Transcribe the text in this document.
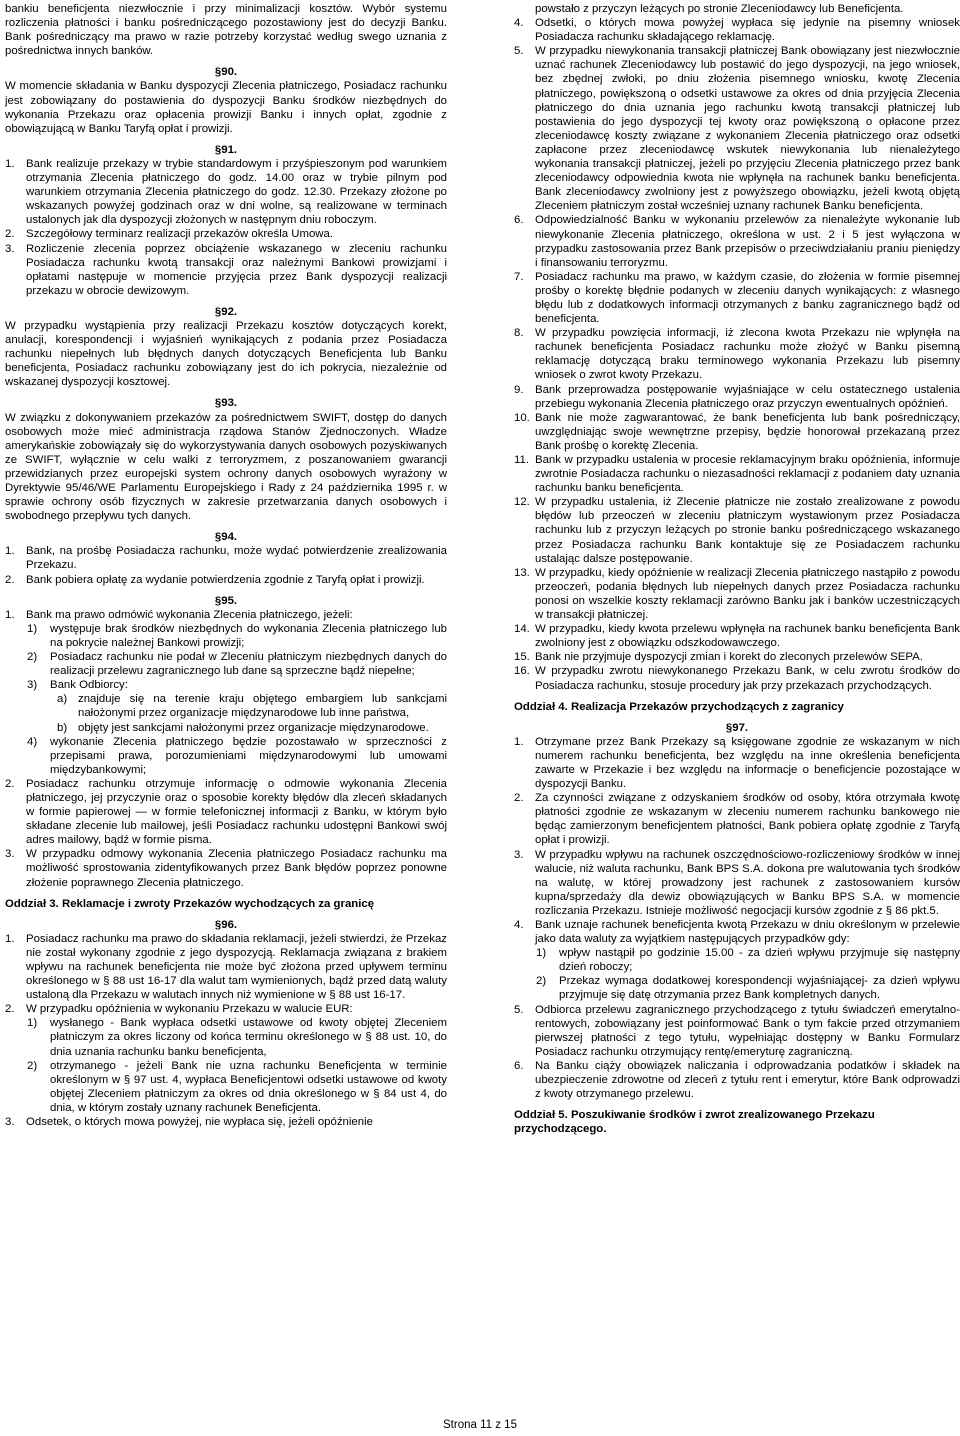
bankiu beneficjenta niezwłocznie i przy minimalizacji kosztów. Wybór systemu rozliczenia płatności i banku pośredniczącego pozostawiony jest do decyzji Banku. Bank pośredniczący ma prawo w razie potrzeby korzystać według swego uznania z pośrednictwa innych banków.

§90.

W momencie składania w Banku dyspozycji Zlecenia płatniczego, Posiadacz rachunku jest zobowiązany do postawienia do dyspozycji Banku środków niezbędnych do wykonania Przekazu oraz opłacenia prowizji Banku i innych opłat, zgodnie z obowiązującą w Banku Taryfą opłat i prowizji.

§91.

1. Bank realizuje przekazy w trybie standardowym i przyśpieszonym pod warunkiem otrzymania Zlecenia płatniczego do godz. 14.00 oraz w trybie pilnym pod warunkiem otrzymania Zlecenia płatniczego do godz. 12.30. Przekazy złożone po wskazanych powyżej godzinach oraz w dni wolne, są realizowane w terminach ustalonych jak dla dyspozycji złożonych w następnym dniu roboczym.
2. Szczegółowy terminarz realizacji przekazów określa Umowa.
3. Rozliczenie zlecenia poprzez obciążenie wskazanego w zleceniu rachunku Posiadacza rachunku kwotą transakcji oraz należnymi Bankowi prowizjami i opłatami następuje w momencie przyjęcia przez Bank dyspozycji realizacji przekazu w obrocie dewizowym.

§92.

W przypadku wystąpienia przy realizacji Przekazu kosztów dotyczących korekt, anulacji, korespondencji i wyjaśnień wynikających z podania przez Posiadacza rachunku niepełnych lub błędnych danych dotyczących Beneficjenta lub Banku beneficjenta, Posiadacz rachunku zobowiązany jest do ich pokrycia, niezależnie od wskazanej dyspozycji kosztowej.

§93.

W związku z dokonywaniem przekazów za pośrednictwem SWIFT, dostęp do danych osobowych może mieć administracja rządowa Stanów Zjednoczonych. Władze amerykańskie zobowiązały się do wykorzystywania danych osobowych pozyskiwanych ze SWIFT, wyłącznie w celu walki z terroryzmem, z poszanowaniem gwarancji przewidzianych przez europejski system ochrony danych osobowych wyrażony w Dyrektywie 95/46/WE Parlamentu Europejskiego i Rady z 24 października 1995 r. w sprawie ochrony osób fizycznych w zakresie przetwarzania danych osobowych i swobodnego przepływu tych danych.

§94.

1. Bank, na prośbę Posiadacza rachunku, może wydać potwierdzenie zrealizowania Przekazu.
2. Bank pobiera opłatę za wydanie potwierdzenia zgodnie z Taryfą opłat i prowizji.

§95.

1. Bank ma prawo odmówić wykonania Zlecenia płatniczego, jeżeli:
1) występuje brak środków niezbędnych do wykonania Zlecenia płatniczego lub na pokrycie należnej Bankowi prowizji;
2) Posiadacz rachunku nie podał w Zleceniu płatniczym niezbędnych danych do realizacji przelewu zagranicznego lub dane są sprzeczne bądź niepełne;
3) Bank Odbiorcy:
a) znajduje się na terenie kraju objętego embargiem lub sankcjami nałożonymi przez organizacje międzynarodowe lub inne państwa,
b) objęty jest sankcjami nałożonymi przez organizacje międzynarodowe.
4) wykonanie Zlecenia płatniczego będzie pozostawało w sprzeczności z przepisami prawa, porozumieniami międzynarodowymi lub umowami międzybankowymi;
2. Posiadacz rachunku otrzymuje informację o odmowie wykonania Zlecenia płatniczego, jej przyczynie oraz o sposobie korekty błędów dla zleceń składanych w formie papierowej — w formie telefonicznej informacji z Banku, w którym było składane zlecenie lub mailowej, jeśli Posiadacz rachunku udostępni Bankowi swój adres mailowy, bądź w formie pisma.
3. W przypadku odmowy wykonania Zlecenia płatniczego Posiadacz rachunku ma możliwość sprostowania zidentyfikowanych przez Bank błędów poprzez ponowne złożenie poprawnego Zlecenia płatniczego.

Oddział 3. Reklamacje i zwroty Przekazów wychodzących za granicę

§96.

1. Posiadacz rachunku ma prawo do składania reklamacji, jeżeli stwierdzi, że Przekaz nie został wykonany zgodnie z jego dyspozycją. Reklamacja związana z brakiem wpływu na rachunek beneficjenta nie może być złożona przed upływem terminu określonego w § 88 ust 16-17 dla walut tam wymienionych, bądź przed datą waluty ustaloną dla Przekazu w walutach innych niż wymienione w § 88 ust 16-17.
2. W przypadku opóźnienia w wykonaniu Przekazu w walucie EUR:
1) wysłanego - Bank wypłaca odsetki ustawowe od kwoty objętej Zleceniem płatniczym za okres liczony od końca terminu określonego w § 88 ust. 10, do dnia uznania rachunku banku beneficjenta,
2) otrzymanego - jeżeli Bank nie uzna rachunku Beneficjenta w terminie określonym w § 97 ust. 4, wypłaca Beneficjentowi odsetki ustawowe od kwoty objętej Zleceniem płatniczym za okres od dnia określonego w § 84 ust 4, do dnia, w którym zostały uznany rachunek Beneficjenta.
3. Odsetek, o których mowa powyżej, nie wypłaca się, jeżeli opóźnienie
powstało z przyczyn leżących po stronie Zleceniodawcy lub Beneficjenta.
4. Odsetki, o których mowa powyżej wypłaca się jedynie na pisemny wniosek Posiadacza rachunku składającego reklamację.
5. W przypadku niewykonania transakcji płatniczej Bank obowiązany jest niezwłocznie uznać rachunek Zleceniodawcy lub postawić do jego dyspozycji, na jego wniosek, bez zbędnej zwłoki, po dniu złożenia pisemnego wniosku, kwotę Zlecenia płatniczego, powiększoną o odsetki ustawowe za okres od dnia przyjęcia Zlecenia płatniczego do dnia uznania jego rachunku kwotą transakcji płatniczej lub postawienia do jego dyspozycji tej kwoty oraz powiększoną o opłacone przez zleceniodawcę koszty związane z wykonaniem Zlecenia płatniczego oraz odsetki zapłacone przez zleceniodawcę wskutek niewykonania lub nienależytego wykonania transakcji płatniczej, jeżeli po przyjęciu Zlecenia płatniczego przez bank zleceniodawcy odpowiednia kwota nie wpłynęła na rachunek banku beneficjenta. Bank zleceniodawcy zwolniony jest z powyższego obowiązku, jeżeli kwotą objętą Zleceniem płatniczym został wcześniej uznany rachunek Banku beneficjenta.
6. Odpowiedzialność Banku w wykonaniu przelewów za nienależyte wykonanie lub niewykonanie Zlecenia płatniczego, określona w ust. 2 i 5 jest wyłączona w przypadku zastosowania przez Bank przepisów o przeciwdziałaniu praniu pieniędzy i finansowaniu terroryzmu.
7. Posiadacz rachunku ma prawo, w każdym czasie, do złożenia w formie pisemnej prośby o korektę błędnie podanych w zleceniu danych wynikających: z własnego błędu lub z dodatkowych informacji otrzymanych z banku zagranicznego bądź od beneficjenta.
8. W przypadku powzięcia informacji, iż zlecona kwota Przekazu nie wpłynęła na rachunek beneficjenta Posiadacz rachunku może złożyć w Banku pisemną reklamację dotyczącą braku terminowego wykonania Przekazu lub pisemny wniosek o zwrot kwoty Przekazu.
9. Bank przeprowadza postępowanie wyjaśniające w celu ostatecznego ustalenia przebiegu wykonania Zlecenia płatniczego oraz przyczyn ewentualnych opóźnień.
10. Bank nie może zagwarantować, że bank beneficjenta lub bank pośredniczący, uwzględniając swoje wewnętrzne przepisy, będzie honorował przekazaną przez Bank prośbę o korektę Zlecenia.
11. Bank w przypadku ustalenia w procesie reklamacyjnym braku opóźnienia, informuje zwrotnie Posiadacza rachunku o niezasadności reklamacji z podaniem daty uznania rachunku banku beneficjenta.
12. W przypadku ustalenia, iż Zlecenie płatnicze nie zostało zrealizowane z powodu błędów lub przeoczeń w zleceniu płatniczym wystawionym przez Posiadacza rachunku lub z przyczyn leżących po stronie banku pośredniczącego wskazanego przez Posiadacza rachunku Bank kontaktuje się ze Posiadaczem rachunku ustalając dalsze postępowanie.
13. W przypadku, kiedy opóźnienie w realizacji Zlecenia płatniczego nastąpiło z powodu przeoczeń, podania błędnych lub niepełnych danych przez Posiadacza rachunku ponosi on wszelkie koszty reklamacji zarówno Banku jak i banków uczestniczących w transakcji płatniczej.
14. W przypadku, kiedy kwota przelewu wpłynęła na rachunek banku beneficjenta Bank zwolniony jest z obowiązku odszkodowawczego.
15. Bank nie przyjmuje dyspozycji zmian i korekt do zleconych przelewów SEPA.
16. W przypadku zwrotu niewykonanego Przekazu Bank, w celu zwrotu środków do Posiadacza rachunku, stosuje procedury jak przy przekazach przychodzących.

Oddział 4. Realizacja Przekazów przychodzących z zagranicy

§97.

1. Otrzymane przez Bank Przekazy są księgowane zgodnie ze wskazanym w nich numerem rachunku beneficjenta, bez względu na inne określenia beneficjenta zawarte w Przekazie i bez względu na informacje o beneficjencie pozostające w dyspozycji Banku.
2. Za czynności związane z odzyskaniem środków od osoby, która otrzymała kwotę płatności zgodnie ze wskazanym w zleceniu numerem rachunku bankowego nie będąc zamierzonym beneficjentem płatności, Bank pobiera opłatę zgodnie z Taryfą opłat i prowizji.
3. W przypadku wpływu na rachunek oszczędnościowo-rozliczeniowy środków w innej walucie, niż waluta rachunku, Bank BPS S.A. dokona pre walutowania tych środków na walutę, w której prowadzony jest rachunek z zastosowaniem kursów kupna/sprzedaży dla dewiz obowiązujących w Banku BPS S.A. w momencie rozliczania Przekazu. Istnieje możliwość negocjacji kursów zgodnie z § 86 pkt.5.
4. Bank uznaje rachunek beneficjenta kwotą Przekazu w dniu określonym w przelewie jako data waluty za wyjątkiem następujących przypadków gdy:
1) wpływ nastąpił po godzinie 15.00 - za dzień wpływu przyjmuje się następny dzień roboczy;
2) Przekaz wymaga dodatkowej korespondencji wyjaśniającej- za dzień wpływu przyjmuje się datę otrzymania przez Bank kompletnych danych.
5. Odbiorca przelewu zagranicznego przychodzącego z tytułu świadczeń emerytalno-rentowych, zobowiązany jest poinformować Bank o tym fakcie przed otrzymaniem pierwszej płatności z tego tytułu, wypełniając dostępny w Banku Formularz Posiadacz rachunku otrzymujący rentę/emeryturę zagraniczną.
6. Na Banku ciąży obowiązek naliczania i odprowadzania podatków i składek na ubezpieczenie zdrowotne od zleceń z tytułu rent i emerytur, które Bank odprowadzi z kwoty otrzymanego przelewu.

Oddział 5. Poszukiwanie środków i zwrot zrealizowanego Przekazu przychodzącego.

Strona 11 z 15
